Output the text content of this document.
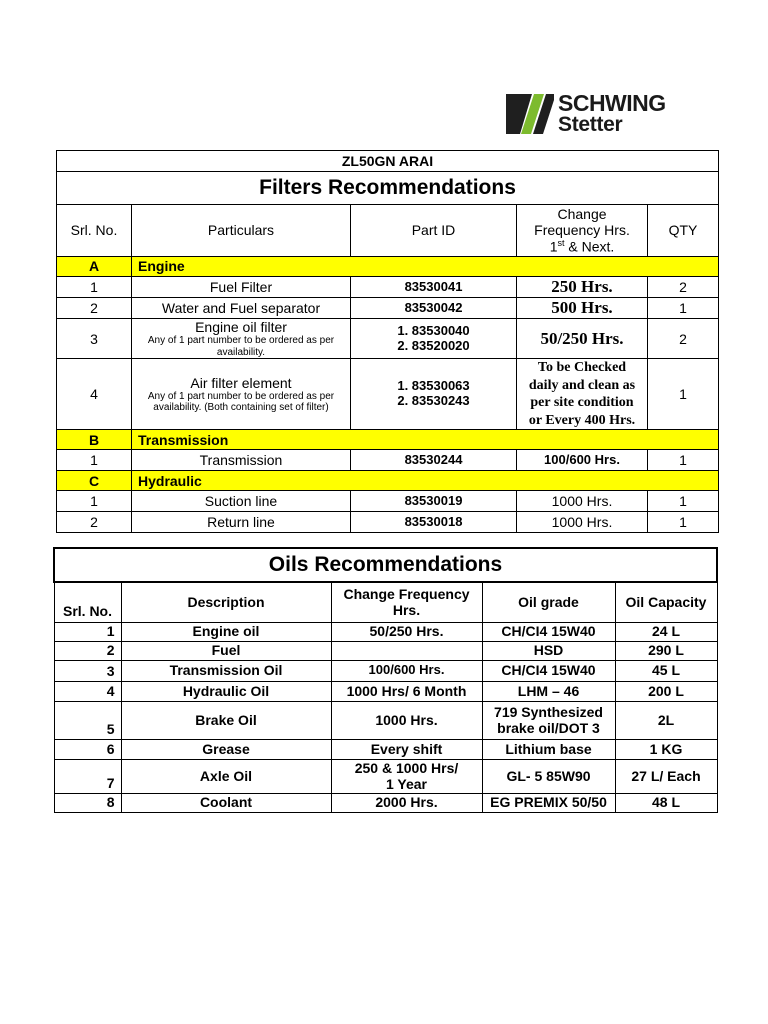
SCHWING
Stetter
ZL50GN ARAI				
Filters Recommendations				
Srl. No.	Particulars	Part ID	Change
Frequency Hrs.
1st & Next.	QTY
A	Engine			
1	Fuel Filter	83530041	250 Hrs.	2
2	Water and Fuel separator	83530042	500 Hrs.	1
3	Engine oil filter
Any of 1 part number to be ordered as per availability.	1. 83530040
2. 83520020	50/250 Hrs.	2
4	Air filter element
Any of 1 part number to be ordered as per availability. (Both containing set of filter)	1. 83530063
2. 83530243	To be Checked
daily and clean as
per site condition
or Every 400 Hrs.	1
B	Transmission			
1	Transmission	83530244	100/600 Hrs.	1
C	Hydraulic			
1	Suction line	83530019	1000 Hrs.	1
2	Return line	83530018	1000 Hrs.	1
Oils Recommendations				
Srl. No.	Description	Change Frequency
Hrs.	Oil grade	Oil Capacity
1	Engine oil	50/250 Hrs.	CH/CI4 15W40	24 L
2	Fuel		HSD	290 L
3	Transmission Oil	100/600 Hrs.	CH/CI4 15W40	45 L
4	Hydraulic Oil	1000 Hrs/ 6 Month	LHM – 46	200 L
5	Brake Oil	1000 Hrs.	719 Synthesized
brake oil/DOT 3	2L
6	Grease	Every shift	Lithium base	1 KG
7	Axle Oil	250 & 1000 Hrs/
1 Year	GL- 5 85W90	27 L/ Each
8	Coolant	2000 Hrs.	EG PREMIX 50/50	48 L
